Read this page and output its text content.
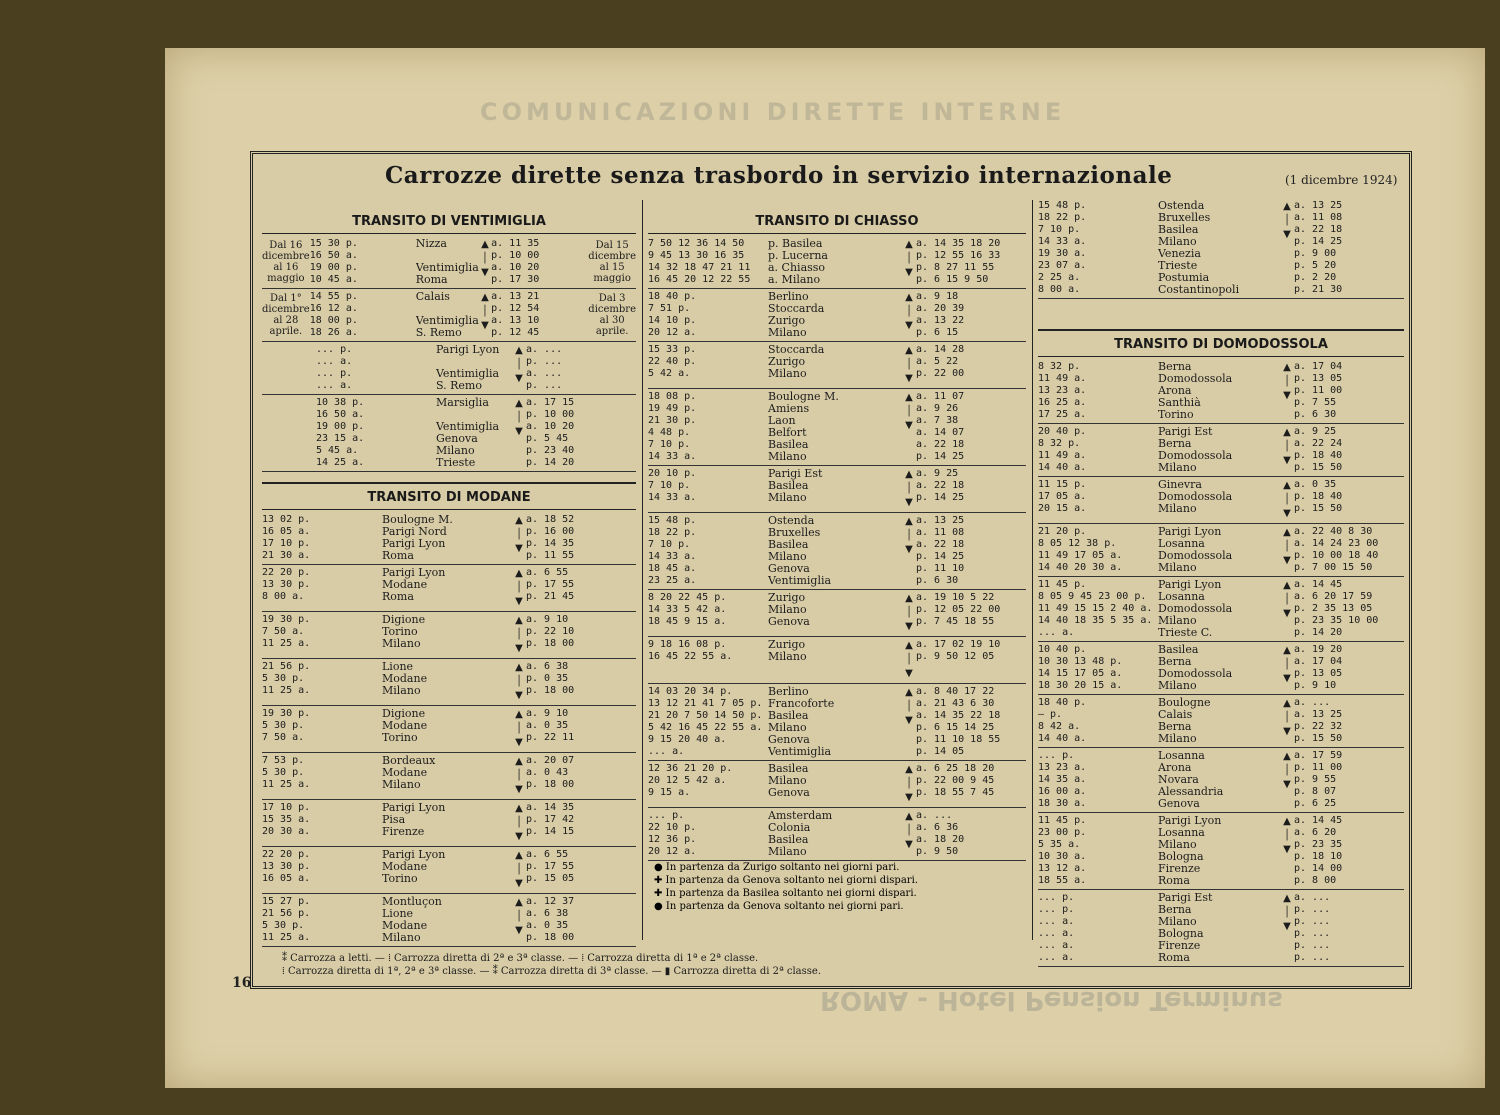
COMUNICAZIONI DIRETTE INTERNE
Carrozze dirette senza trasbordo in servizio internazionale	(1 dicembre 1924)
16
TRANSITO DI VENTIMIGLIA
Dal 16 dicembre al 16 maggio
15 30 p.
16 50 a.
19 00 p.
10 45 a.
Nizza
Ventimiglia
Roma
▲
│
▼
a. 11 35
p. 10 00
a. 10 20
p. 17 30
Dal 15 dicembre al 15 maggio
Dal 1° dicembre al 28 aprile.
14 55 p.
16 12 a.
18 00 p.
18 26 a.
Calais
Ventimiglia
S. Remo
▲
│
▼
a. 13 21
p. 12 54
a. 13 10
p. 12 45
Dal 3 dicembre al 30 aprile.
... p.
... a.
... p.
... a.
Parigi Lyon
Ventimiglia
S. Remo
▲
│
▼
a. ...
p. ...
a. ...
p. ...
10 38 p.
16 50 a.
19 00 p.
23 15 a.
5 45 a.
14 25 a.
Marsiglia
Ventimiglia
Genova
Milano
Trieste
▲
│
▼
a. 17 15
p. 10 00
a. 10 20
p. 5 45
p. 23 40
p. 14 20
TRANSITO DI MODANE
13 02 p.
16 05 a.
17 10 p.
21 30 a.
Boulogne M.
Parigi Nord
Parigi Lyon
Roma
▲
│
▼
a. 18 52
p. 16 00
p. 14 35
p. 11 55
22 20 p.
13 30 p.
8 00 a.
Parigi Lyon
Modane
Roma
▲
│
▼
a. 6 55
p. 17 55
p. 21 45
19 30 p.
7 50 a.
11 25 a.
Digione
Torino
Milano
▲
│
▼
a. 9 10
p. 22 10
p. 18 00
21 56 p.
5 30 p.
11 25 a.
Lione
Modane
Milano
▲
│
▼
a. 6 38
p. 0 35
p. 18 00
19 30 p.
5 30 p.
7 50 a.
Digione
Modane
Torino
▲
│
▼
a. 9 10
a. 0 35
p. 22 11
7 53 p.
5 30 p.
11 25 a.
Bordeaux
Modane
Milano
▲
│
▼
a. 20 07
a. 0 43
p. 18 00
17 10 p.
15 35 a.
20 30 a.
Parigi Lyon
Pisa
Firenze
▲
│
▼
a. 14 35
p. 17 42
p. 14 15
22 20 p.
13 30 p.
16 05 a.
Parigi Lyon
Modane
Torino
▲
│
▼
a. 6 55
p. 17 55
p. 15 05
15 27 p.
21 56 p.
5 30 p.
11 25 a.
Montluçon
Lione
Modane
Milano
▲
│
▼
a. 12 37
a. 6 38
a. 0 35
p. 18 00
TRANSITO DI CHIASSO
7 50 12 36 14 50
9 45 13 30 16 35
14 32 18 47 21 11
16 45 20 12 22 55
p. Basilea
p. Lucerna
a. Chiasso
a. Milano
▲
│
▼
a. 14 35 18 20
p. 12 55 16 33
p. 8 27 11 55
p. 6 15 9 50
18 40 p.
7 51 p.
14 10 p.
20 12 a.
Berlino
Stoccarda
Zurigo
Milano
▲
│
▼
a. 9 18
a. 20 39
a. 13 22
p. 6 15
15 33 p.
22 40 p.
5 42 a.
Stoccarda
Zurigo
Milano
▲
│
▼
a. 14 28
a. 5 22
p. 22 00
18 08 p.
19 49 p.
21 30 p.
4 48 p.
7 10 p.
14 33 a.
Boulogne M.
Amiens
Laon
Belfort
Basilea
Milano
▲
│
▼
a. 11 07
a. 9 26
a. 7 38
a. 14 07
a. 22 18
p. 14 25
20 10 p.
7 10 p.
14 33 a.
Parigi Est
Basilea
Milano
▲
│
▼
a. 9 25
a. 22 18
p. 14 25
15 48 p.
18 22 p.
7 10 p.
14 33 a.
18 45 a.
23 25 a.
Ostenda
Bruxelles
Basilea
Milano
Genova
Ventimiglia
▲
│
▼
a. 13 25
a. 11 08
a. 22 18
p. 14 25
p. 11 10
p. 6 30
8 20 22 45 p.
14 33 5 42 a.
18 45 9 15 a.
Zurigo
Milano
Genova
▲
│
▼
a. 19 10 5 22
p. 12 05 22 00
p. 7 45 18 55
9 18 16 08 p.
16 45 22 55 a.
Zurigo
Milano
▲
│
▼
a. 17 02 19 10
p. 9 50 12 05
14 03 20 34 p.
13 12 21 41 7 05 p.
21 20 7 50 14 50 p.
5 42 16 45 22 55 a.
9 15 20 40 a.
... a.
Berlino
Francoforte
Basilea
Milano
Genova
Ventimiglia
▲
│
▼
a. 8 40 17 22
a. 21 43 6 30
a. 14 35 22 18
p. 6 15 14 25
p. 11 10 18 55
p. 14 05
12 36 21 20 p.
20 12 5 42 a.
9 15 a.
Basilea
Milano
Genova
▲
│
▼
a. 6 25 18 20
p. 22 00 9 45
p. 18 55 7 45
... p.
22 10 p.
12 36 p.
20 12 a.
Amsterdam
Colonia
Basilea
Milano
▲
│
▼
a. ...
a. 6 36
a. 18 20
p. 9 50
● In partenza da Zurigo soltanto nei giorni pari.
✚ In partenza da Genova soltanto nei giorni dispari.
✚ In partenza da Basilea soltanto nei giorni dispari.
● In partenza da Genova soltanto nei giorni pari.
15 48 p.
18 22 p.
7 10 p.
14 33 a.
19 30 a.
23 07 a.
2 25 a.
8 00 a.
Ostenda
Bruxelles
Basilea
Milano
Venezia
Trieste
Postumia
Costantinopoli
▲
│
▼
a. 13 25
a. 11 08
a. 22 18
p. 14 25
p. 9 00
p. 5 20
p. 2 20
p. 21 30
TRANSITO DI DOMODOSSOLA
8 32 p.
11 49 a.
13 23 a.
16 25 a.
17 25 a.
Berna
Domodossola
Arona
Santhià
Torino
▲
│
▼
a. 17 04
p. 13 05
p. 11 00
p. 7 55
p. 6 30
20 40 p.
8 32 p.
11 49 a.
14 40 a.
Parigi Est
Berna
Domodossola
Milano
▲
│
▼
a. 9 25
a. 22 24
p. 18 40
p. 15 50
11 15 p.
17 05 a.
20 15 a.
Ginevra
Domodossola
Milano
▲
│
▼
a. 0 35
p. 18 40
p. 15 50
21 20 p.
8 05 12 38 p.
11 49 17 05 a.
14 40 20 30 a.
Parigi Lyon
Losanna
Domodossola
Milano
▲
│
▼
a. 22 40 8 30
a. 14 24 23 00
p. 10 00 18 40
p. 7 00 15 50
11 45 p.
8 05 9 45 23 00 p.
11 49 15 15 2 40 a.
14 40 18 35 5 35 a.
... a.
Parigi Lyon
Losanna
Domodossola
Milano
Trieste C.
▲
│
▼
a. 14 45
a. 6 20 17 59
p. 2 35 13 05
p. 23 35 10 00
p. 14 20
10 40 p.
10 30 13 48 p.
14 15 17 05 a.
18 30 20 15 a.
Basilea
Berna
Domodossola
Milano
▲
│
▼
a. 19 20
a. 17 04
p. 13 05
p. 9 10
18 40 p.
— p.
8 42 a.
14 40 a.
Boulogne
Calais
Berna
Milano
▲
│
▼
a. ...
a. 13 25
p. 22 32
p. 15 50
... p.
13 23 a.
14 35 a.
16 00 a.
18 30 a.
Losanna
Arona
Novara
Alessandria
Genova
▲
│
▼
a. 17 59
p. 11 00
p. 9 55
p. 8 07
p. 6 25
11 45 p.
23 00 p.
5 35 a.
10 30 a.
13 12 a.
18 55 a.
Parigi Lyon
Losanna
Milano
Bologna
Firenze
Roma
▲
│
▼
a. 14 45
a. 6 20
p. 23 35
p. 18 10
p. 14 00
p. 8 00
... p.
... p.
... a.
... a.
... a.
... a.
Parigi Est
Berna
Milano
Bologna
Firenze
Roma
▲
│
▼
a. ...
p. ...
p. ...
p. ...
p. ...
p. ...
⁑ Carrozza a letti. — ⁞ Carrozza diretta di 2ª e 3ª classe. — ⁞ Carrozza diretta di 1ª e 2ª classe.
⁞ Carrozza diretta di 1ª, 2ª e 3ª classe. — ⁑ Carrozza diretta di 3ª classe. — ▮ Carrozza diretta di 2ª classe.
ROMA - Hotel Pension Terminus
